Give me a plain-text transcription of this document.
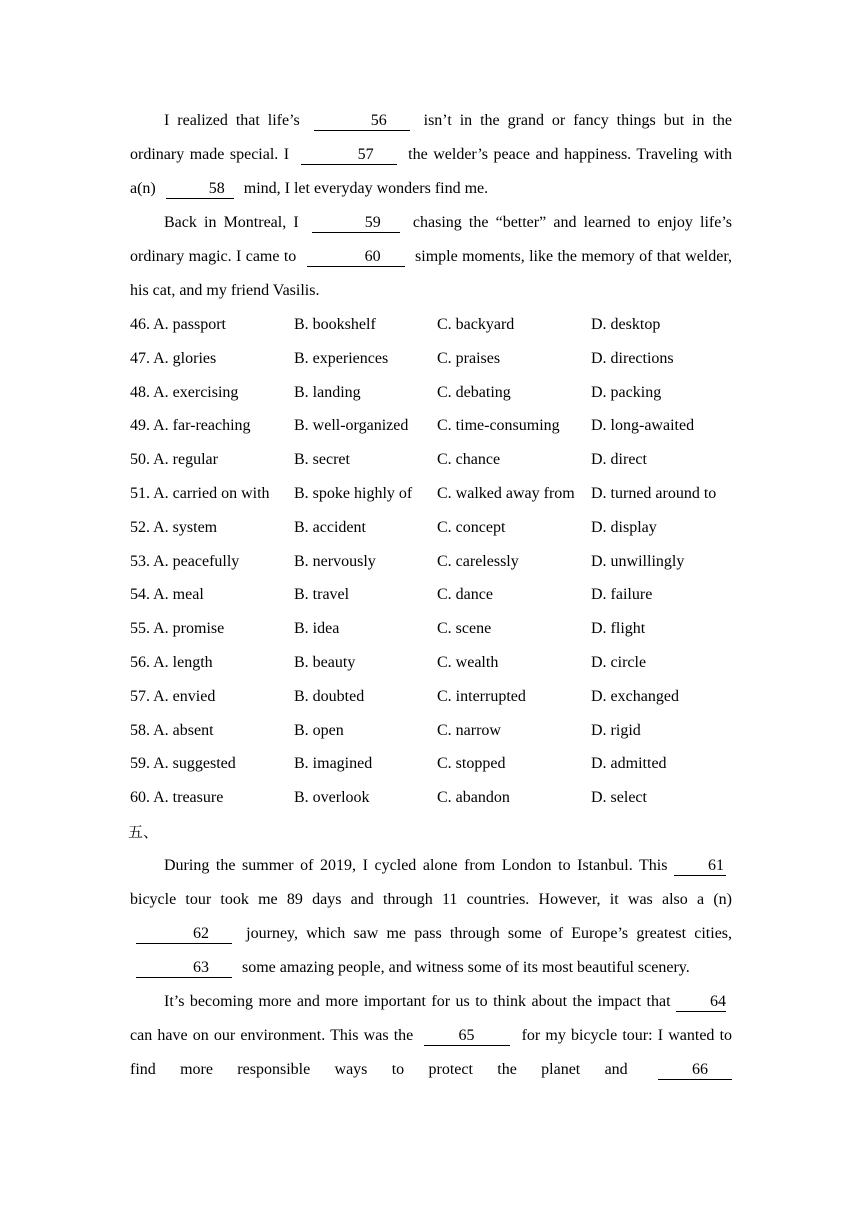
I realized that life’s	56 isn’t in the grand or fancy things but in the ordinary made special. I	57 the welder’s peace and happiness. Traveling with a(n)	58 mind, I let everyday wonders find me.

Back in Montreal, I	59 chasing the “better” and learned to enjoy life’s ordinary magic. I came to	60 simple moments, like the memory of that welder, his cat, and my friend Vasilis.

46. A. passport	B. bookshelf	C. backyard	D. desktop
47. A. glories	B. experiences	C. praises	D. directions
48. A. exercising	B. landing	C. debating	D. packing
49. A. far-reaching	B. well-organized	C. time-consuming	D. long-awaited
50. A. regular	B. secret	C. chance	D. direct
51. A. carried on with	B. spoke highly of	C. walked away from	D. turned around to
52. A. system	B. accident	C. concept	D. display
53. A. peacefully	B. nervously	C. carelessly	D. unwillingly
54. A. meal	B. travel	C. dance	D. failure
55. A. promise	B. idea	C. scene	D. flight
56. A. length	B. beauty	C. wealth	D. circle
57. A. envied	B. doubted	C. interrupted	D. exchanged
58. A. absent	B. open	C. narrow	D. rigid
59. A. suggested	B. imagined	C. stopped	D. admitted
60. A. treasure	B. overlook	C. abandon	D. select
五、

During the summer of 2019, I cycled alone from London to Istanbul. This	61 bicycle tour took me 89 days and through 11 countries. However, it was also a (n) 62 journey, which saw me pass through some of Europe’s greatest cities, 63 some amazing people, and witness some of its most beautiful scenery.

It’s becoming more and more important for us to think about the impact that 64 can have on our environment. This was the	65	for my bicycle tour: I wanted to find more responsible ways to protect the planet and	66
